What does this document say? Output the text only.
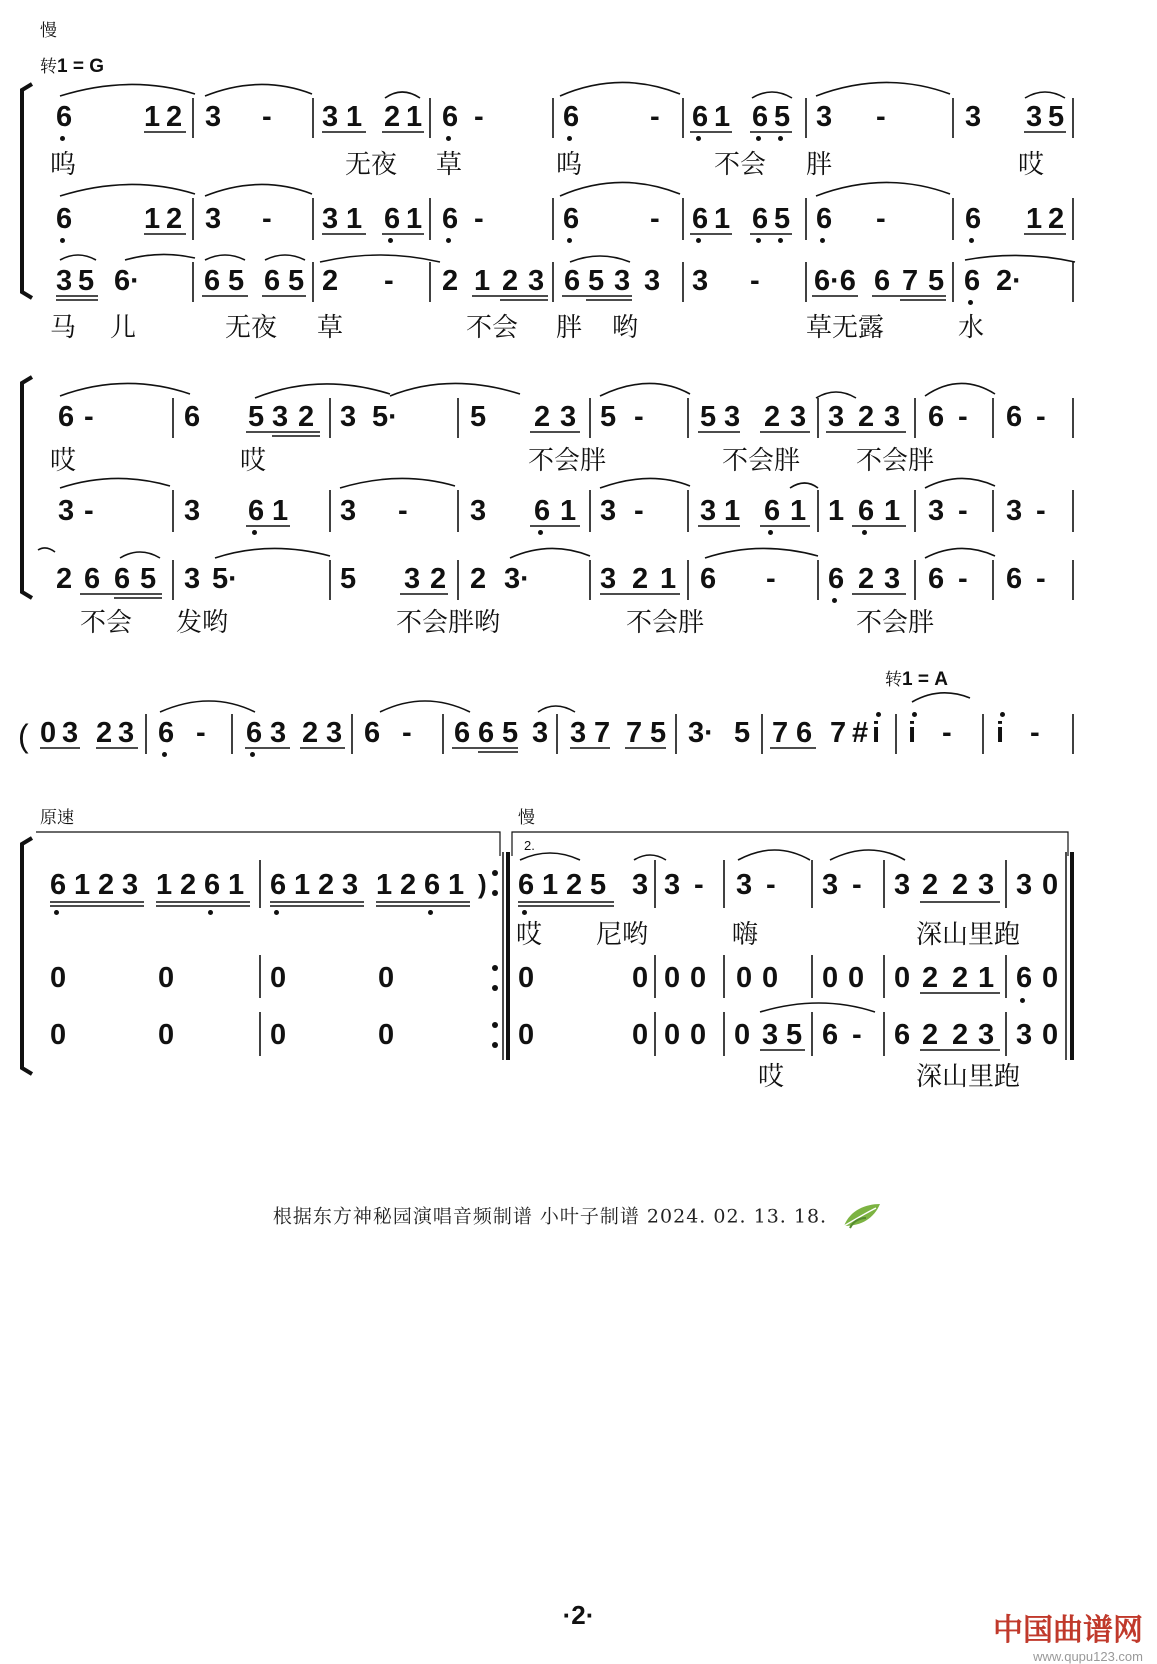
慢
转1 = G
转1 = A
原速	慢
2.
)
(
6 1 2 3 - 3 1 2 1 6 -	6 - 6 1 6 5 3 -	3 3 5
6 1 2 3 - 3 1 6 1 6 -	6 - 6 1 6 5 6 -	6 1 2
3 5 6· 6 5 6 5 2 - 2 1 2 3 6 5 3 3 3 - 6·6 6 7 5 6 2·
6 -	6 5 3 2 3 5· 5 2 3 5 - 5 3 2 3 3 2 3 6 - 6 -
3 -	3 6 1 3 - 3 6 1 3 - 3 1 6 1 1 6 1 3 - 3 -
2 6 6 5 3 5·	5 3 2 2 3· 3 2 1 6 - 6 2 3 6 - 6 -
0 3 2 3 6 - 6 3 2 3 6 - 6 6 5 3 3 7 7 5 3· 5 7 6 7 # i i - i -
6 1 2 3 1 2 6 1 6 1 2 3 1 2 6 1 6 1 2 5 3 3 - 3 - 3 - 3 2 2 3 3 0
0	0	0	0	0	0 0 0 0 0 0 0 0 2 2 1 6 0
0	0	0	0	0	0 0 0 0 3 5 6 - 6 2 2 3 3 0
呜	无夜 草	呜	不会 胖	哎
马 儿	无夜 草	不会 胖 哟	草无露	水
哎	哎	不会胖	不会胖 不会胖
不会 发哟	不会胖哟	不会胖	不会胖
哎 尼哟	嗨	深山里跑
哎	深山里跑
根据东方神秘园演唱音频制谱 小叶子制谱 2024. 02. 13. 18.
·2·	中国曲谱网
www.qupu123.com
